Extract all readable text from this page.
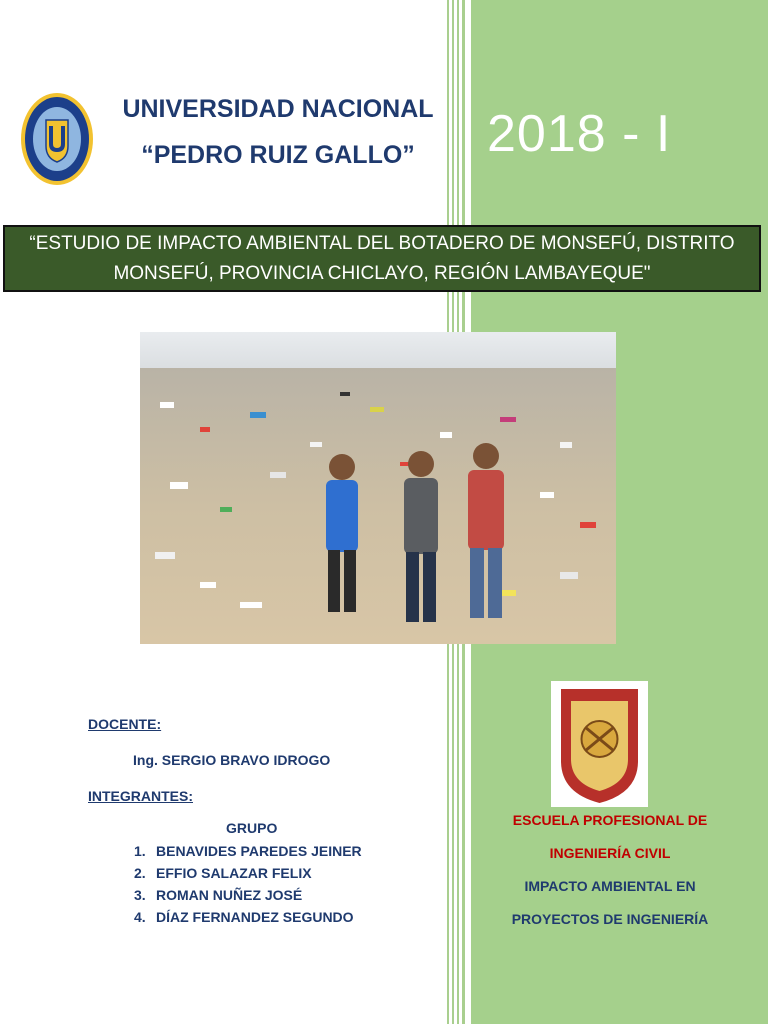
UNIVERSIDAD NACIONAL
“PEDRO RUIZ GALLO”	2018 - I
“ESTUDIO DE IMPACTO AMBIENTAL DEL BOTADERO DE MONSEFÚ, DISTRITO MONSEFÚ, PROVINCIA CHICLAYO, REGIÓN LAMBAYEQUE"
DOCENTE:
Ing. SERGIO BRAVO IDROGO
INTEGRANTES:
GRUPO
1. BENAVIDES PAREDES JEINER
2. EFFIO SALAZAR FELIX
3. ROMAN NUÑEZ JOSÉ
4. DÍAZ FERNANDEZ SEGUNDO
ESCUELA PROFESIONAL DE
INGENIERÍA CIVIL
IMPACTO AMBIENTAL EN
PROYECTOS DE INGENIERÍA
